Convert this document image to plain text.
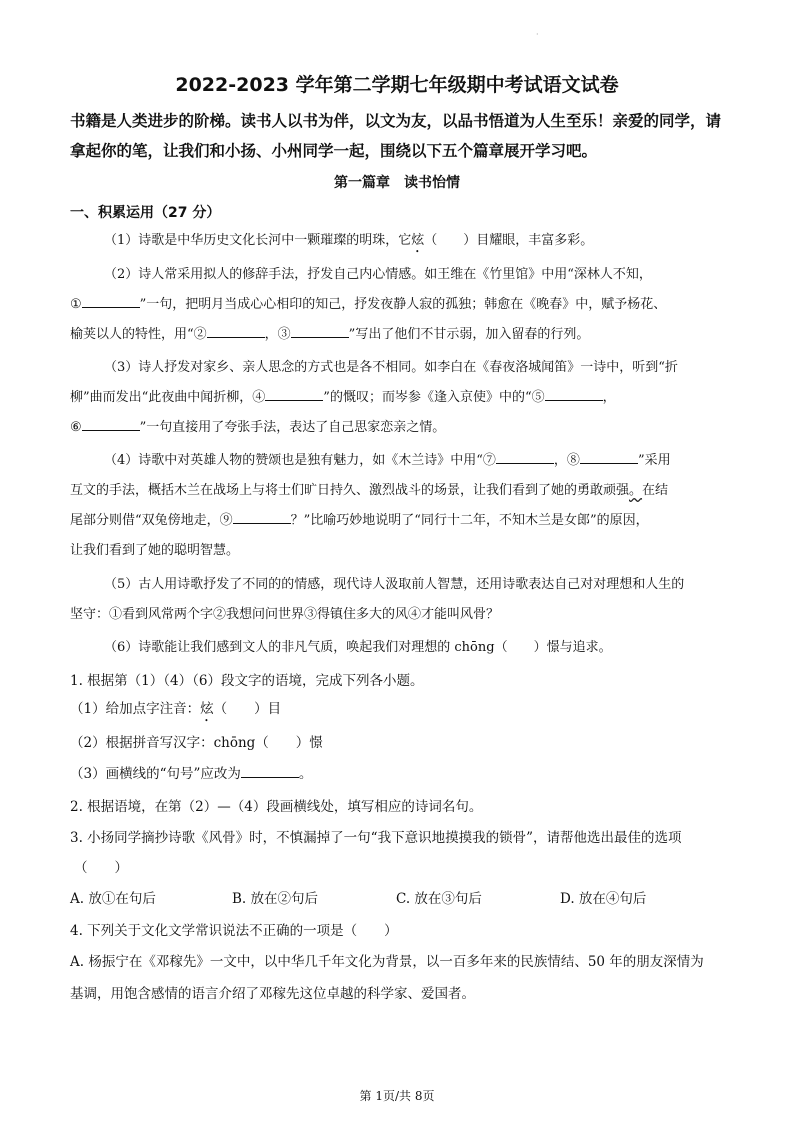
·
2022-2023 学年第二学期七年级期中考试语文试卷
书籍是人类进步的阶梯。读书人以书为伴，以文为友，以品书悟道为人生至乐！亲爱的同学，请拿起你的笔，让我们和小扬、小州同学一起，围绕以下五个篇章展开学习吧。
第一篇章　读书怡情
一、积累运用（27 分）
（1）诗歌是中华历史文化长河中一颗璀璨的明珠，它炫（　　）目耀眼，丰富多彩。
（2）诗人常采用拟人的修辞手法，抒发自己内心情感。如王维在《竹里馆》中用“深林人不知，
①	”一句，把明月当成心心相印的知己，抒发夜静人寂的孤独；韩愈在《晚春》中，赋予杨花、
榆荚以人的特性，用“②	，③	”写出了他们不甘示弱，加入留春的行列。
（3）诗人抒发对家乡、亲人思念的方式也是各不相同。如李白在《春夜洛城闻笛》一诗中，听到“折
柳”曲而发出“此夜曲中闻折柳，④	”的慨叹；而岑参《逢入京使》中的“⑤	，
⑥	”一句直接用了夸张手法，表达了自己思家恋亲之情。
（4）诗歌中对英雄人物的赞颂也是独有魅力，如《木兰诗》中用“⑦	，⑧	”采用
互文的手法，概括木兰在战场上与将士们旷日持久、激烈战斗的场景，让我们看到了她的勇敢顽强。在结
尾部分则借“双兔傍地走，⑨	？”比喻巧妙地说明了“同行十二年，不知木兰是女郎”的原因，
让我们看到了她的聪明智慧。
（5）古人用诗歌抒发了不同的的情感，现代诗人汲取前人智慧，还用诗歌表达自己对对理想和人生的
坚守：①看到风常两个字②我想问问世界③得镇住多大的风④才能叫风骨？
（6）诗歌能让我们感到文人的非凡气质，唤起我们对理想的 chōng（　　）憬与追求。
1. 根据第（1）（4）（6）段文字的语境，完成下列各小题。
（1）给加点字注音：炫（　　）目
（2）根据拼音写汉字：chōng（　　）憬
（3）画横线的“句号”应改为	。
2. 根据语境，在第（2）—（4）段画横线处，填写相应的诗词名句。
3. 小扬同学摘抄诗歌《风骨》时，不慎漏掉了一句“我下意识地摸摸我的锁骨”，请帮他选出最佳的选项
（　　）
A. 放①在句后	B. 放在②句后	C. 放在③句后	D. 放在④句后
4. 下列关于文化文学常识说法不正确的一项是（　　）
A. 杨振宁在《邓稼先》一文中，以中华几千年文化为背景，以一百多年来的民族情结、50 年的朋友深情为
基调，用饱含感情的语言介绍了邓稼先这位卓越的科学家、爱国者。
第 1页/共 8页
